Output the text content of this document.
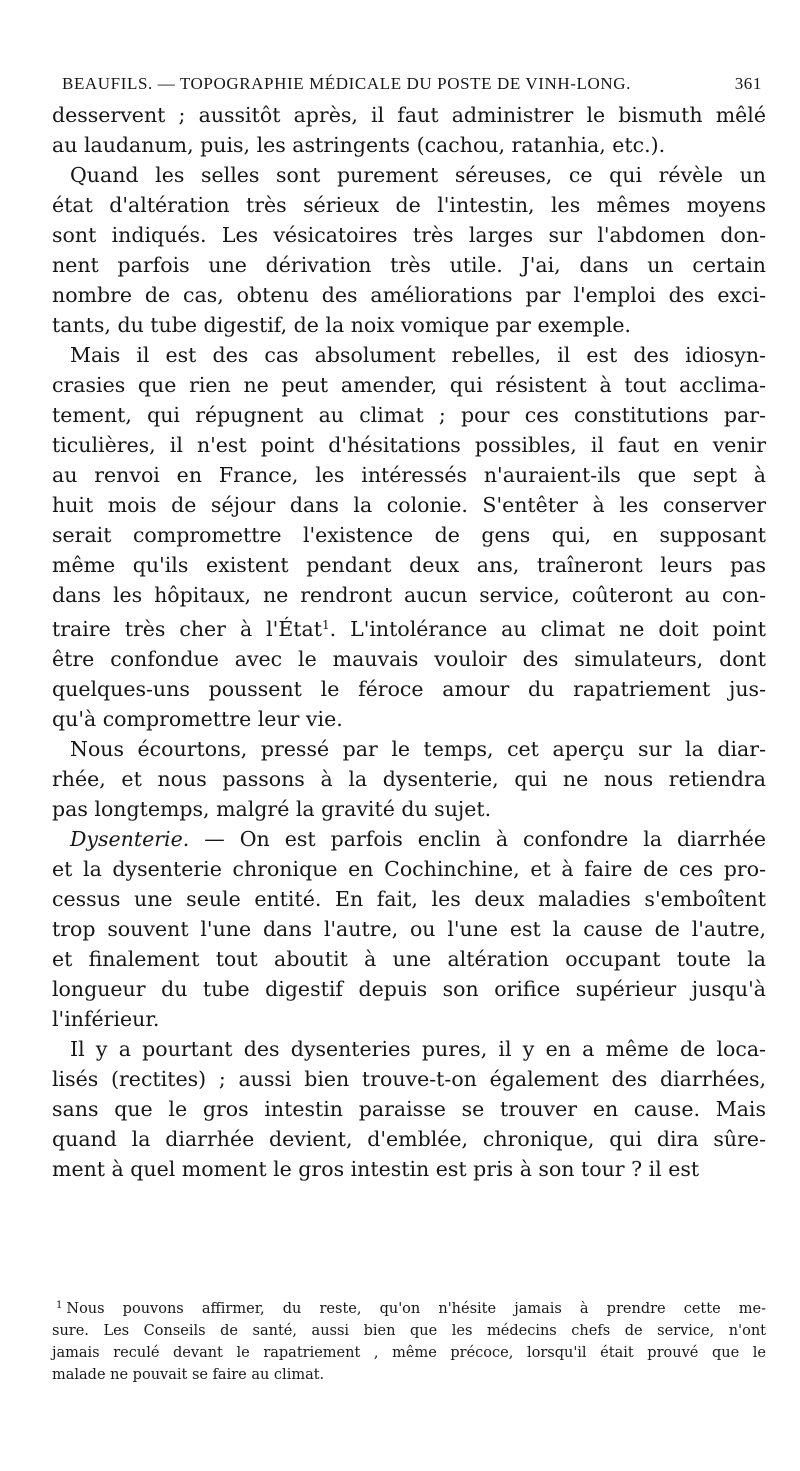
BEAUFILS. — TOPOGRAPHIE MÉDICALE DU POSTE DE VINH-LONG.	361
desservent ; aussitôt après, il faut administrer le bismuth mêlé
au laudanum, puis, les astringents (cachou, ratanhia, etc.).
Quand les selles sont purement séreuses, ce qui révèle un
état d'altération très sérieux de l'intestin, les mêmes moyens
sont indiqués. Les vésicatoires très larges sur l'abdomen don-
nent parfois une dérivation très utile. J'ai, dans un certain
nombre de cas, obtenu des améliorations par l'emploi des exci-
tants, du tube digestif, de la noix vomique par exemple.
Mais il est des cas absolument rebelles, il est des idiosyn-
crasies que rien ne peut amender, qui résistent à tout acclima-
tement, qui répugnent au climat ; pour ces constitutions par-
ticulières, il n'est point d'hésitations possibles, il faut en venir
au renvoi en France, les intéressés n'auraient-ils que sept à
huit mois de séjour dans la colonie. S'entêter à les conserver
serait compromettre l'existence de gens qui, en supposant
même qu'ils existent pendant deux ans, traîneront leurs pas
dans les hôpitaux, ne rendront aucun service, coûteront au con-
traire très cher à l'État$^1$. L'intolérance au climat ne doit point
être confondue avec le mauvais vouloir des simulateurs, dont
quelques-uns poussent le féroce amour du rapatriement jus-
qu'à compromettre leur vie.
Nous écourtons, pressé par le temps, cet aperçu sur la diar-
rhée, et nous passons à la dysenterie, qui ne nous retiendra
pas longtemps, malgré la gravité du sujet.
Dysenterie. — On est parfois enclin à confondre la diarrhée
et la dysenterie chronique en Cochinchine, et à faire de ces pro-
cessus une seule entité. En fait, les deux maladies s'emboîtent
trop souvent l'une dans l'autre, ou l'une est la cause de l'autre,
et finalement tout aboutit à une altération occupant toute la
longueur du tube digestif depuis son orifice supérieur jusqu'à
l'inférieur.
Il y a pourtant des dysenteries pures, il y en a même de loca-
lisés (rectites) ; aussi bien trouve-t-on également des diarrhées,
sans que le gros intestin paraisse se trouver en cause. Mais
quand la diarrhée devient, d'emblée, chronique, qui dira sûre-
ment à quel moment le gros intestin est pris à son tour ? il est
$^1$ Nous pouvons affirmer, du reste, qu'on n'hésite jamais à prendre cette me-
sure. Les Conseils de santé, aussi bien que les médecins chefs de service, n'ont
jamais reculé devant le rapatriement , même précoce, lorsqu'il était prouvé que le
malade ne pouvait se faire au climat.
